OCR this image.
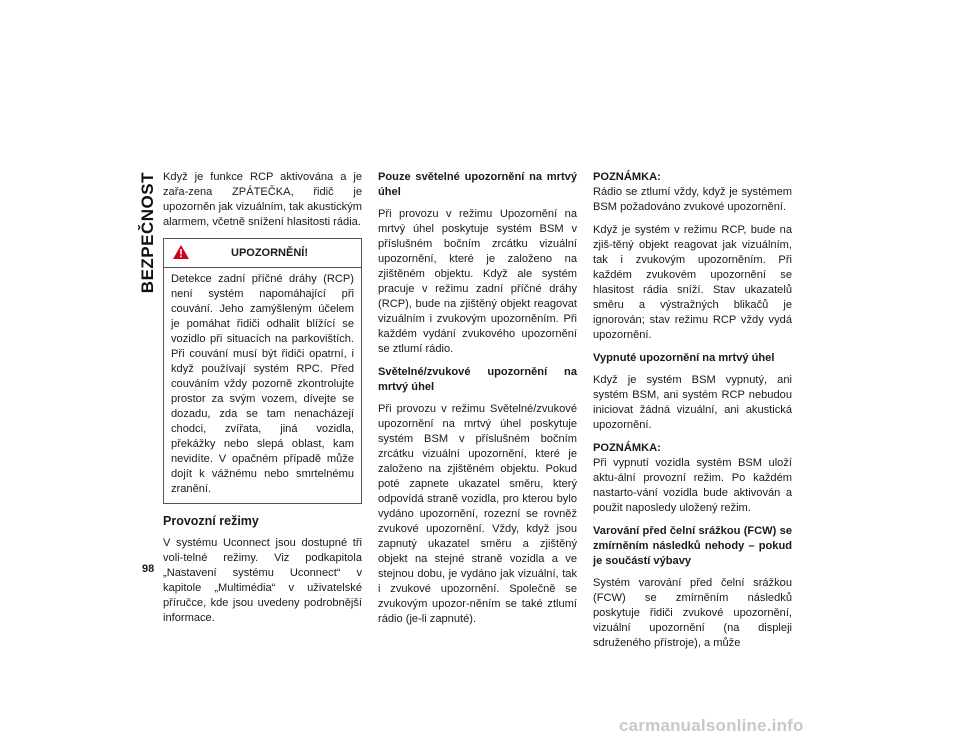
BEZPEČNOST
98

Když je funkce RCP aktivována a je zařa-zena ZPÁTEČKA, řidič je upozorněn jak vizuálním, tak akustickým alarmem, včetně snížení hlasitosti rádia.

UPOZORNĚNÍ!
Detekce zadní příčné dráhy (RCP) není systém napomáhající při couvání. Jeho zamýšleným účelem je pomáhat řidiči odhalit blížící se vozidlo při situacích na parkovištích. Při couvání musí být řidiči opatrní, i když používají systém RPC. Před couváním vždy pozorně zkontrolujte prostor za svým vozem, dívejte se dozadu, zda se tam nenacházejí chodci, zvířata, jiná vozidla, překážky nebo slepá oblast, kam nevidíte. V opačném případě může dojít k vážnému nebo smrtelnému zranění.

Provozní režimy

V systému Uconnect jsou dostupné tři voli-telné režimy. Viz podkapitola „Nastavení systému Uconnect“ v kapitole „Multimédia“ v uživatelské příručce, kde jsou uvedeny podrobnější informace.

Pouze světelné upozornění na mrtvý úhel

Při provozu v režimu Upozornění na mrtvý úhel poskytuje systém BSM v příslušném bočním zrcátku vizuální upozornění, které je založeno na zjištěném objektu. Když ale systém pracuje v režimu zadní příčné dráhy (RCP), bude na zjištěný objekt reagovat vizuálním i zvukovým upozorněním. Při každém vydání zvukového upozornění se ztlumí rádio.

Světelné/zvukové upozornění na mrtvý úhel

Při provozu v režimu Světelné/zvukové upozornění na mrtvý úhel poskytuje systém BSM v příslušném bočním zrcátku vizuální upozornění, které je založeno na zjištěném objektu. Pokud poté zapnete ukazatel směru, který odpovídá straně vozidla, pro kterou bylo vydáno upozornění, rozezní se rovněž zvukové upozornění. Vždy, když jsou zapnutý ukazatel směru a zjištěný objekt na stejné straně vozidla a ve stejnou dobu, je vydáno jak vizuální, tak i zvukové upozornění. Společně se zvukovým upozor-něním se také ztlumí rádio (je-li zapnuté).

POZNÁMKA:
Rádio se ztlumí vždy, když je systémem BSM požadováno zvukové upozornění.

Když je systém v režimu RCP, bude na zjiš-těný objekt reagovat jak vizuálním, tak i zvukovým upozorněním. Při každém zvukovém upozornění se hlasitost rádia sníží. Stav ukazatelů směru a výstražných blikačů je ignorován; stav režimu RCP vždy vydá upozornění.

Vypnuté upozornění na mrtvý úhel

Když je systém BSM vypnutý, ani systém BSM, ani systém RCP nebudou iniciovat žádná vizuální, ani akustická upozornění.

POZNÁMKA:
Při vypnutí vozidla systém BSM uloží aktu-ální provozní režim. Po každém nastarto-vání vozidla bude aktivován a použit naposledy uložený režim.

Varování před čelní srážkou (FCW) se zmírněním následků nehody – pokud je součástí výbavy

Systém varování před čelní srážkou (FCW) se zmírněním následků poskytuje řidiči zvukové upozornění, vizuální upozornění (na displeji sdruženého přístroje), a může

carmanualsonline.info
